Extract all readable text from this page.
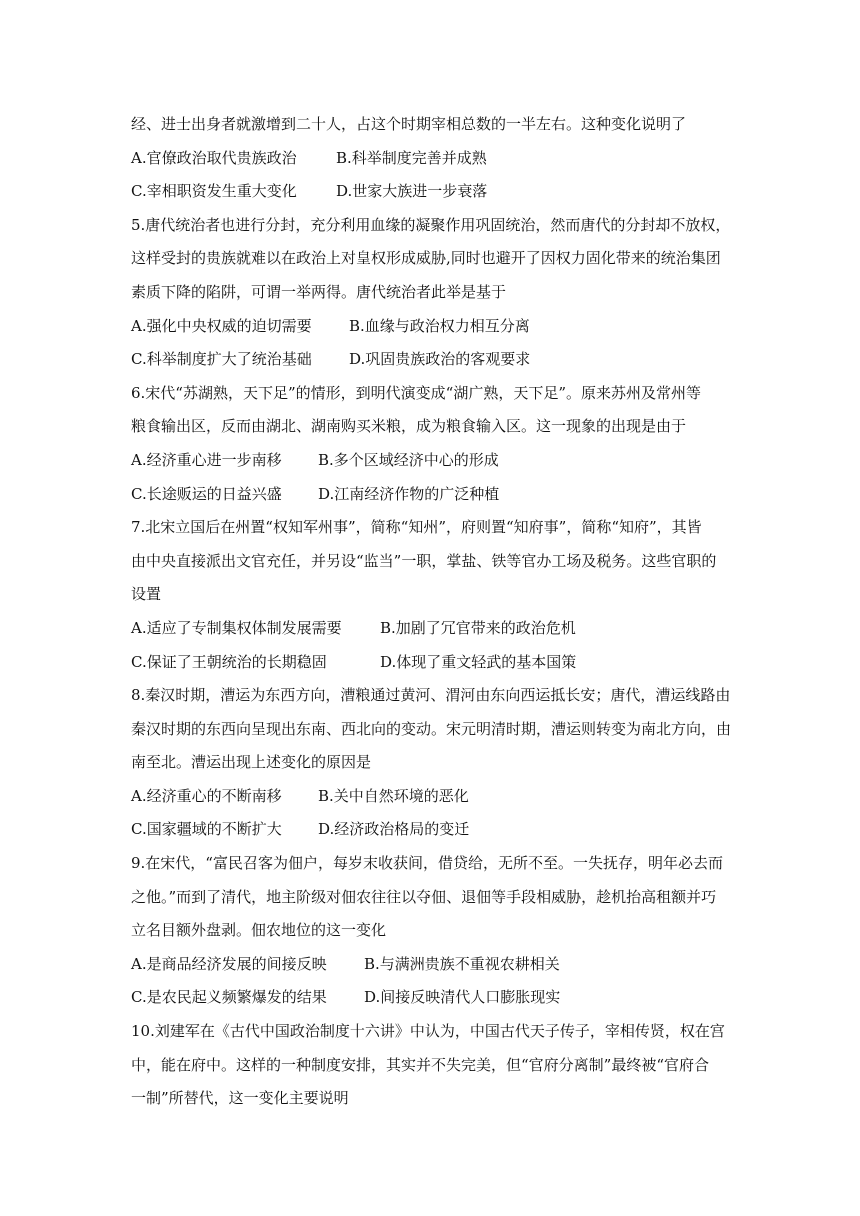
经、进士出身者就激增到二十人，占这个时期宰相总数的一半左右。这种变化说明了
A.官僚政治取代贵族政治	B.科举制度完善并成熟
C.宰相职资发生重大变化	D.世家大族进一步衰落
5.唐代统治者也进行分封，充分利用血缘的凝聚作用巩固统治，然而唐代的分封却不放权，
这样受封的贵族就难以在政治上对皇权形成威胁,同时也避开了因权力固化带来的统治集团
素质下降的陷阱，可谓一举两得。唐代统治者此举是基于
A.强化中央权威的迫切需要	B.血缘与政治权力相互分离
C.科举制度扩大了统治基础	D.巩固贵族政治的客观要求
6.宋代“苏湖熟，天下足”的情形，到明代演变成“湖广熟，天下足”。原来苏州及常州等
粮食输出区，反而由湖北、湖南购买米粮，成为粮食输入区。这一现象的出现是由于
A.经济重心进一步南移	B.多个区域经济中心的形成
C.长途贩运的日益兴盛	D.江南经济作物的广泛种植
7.北宋立国后在州置“权知军州事”，简称“知州”，府则置“知府事”，简称“知府”，其皆
由中央直接派出文官充任，并另设“监当”一职，掌盐、铁等官办工场及税务。这些官职的
设置
A.适应了专制集权体制发展需要	B.加剧了冗官带来的政治危机
C.保证了王朝统治的长期稳固	D.体现了重文轻武的基本国策
8.秦汉时期，漕运为东西方向，漕粮通过黄河、渭河由东向西运抵长安；唐代，漕运线路由
秦汉时期的东西向呈现出东南、西北向的变动。宋元明清时期，漕运则转变为南北方向，由
南至北。漕运出现上述变化的原因是
A.经济重心的不断南移	B.关中自然环境的恶化
C.国家疆域的不断扩大	D.经济政治格局的变迁
9.在宋代，“富民召客为佃户，每岁末收获间，借贷给，无所不至。一失抚存，明年必去而
之他。”而到了清代，地主阶级对佃农往往以夺佃、退佃等手段相威胁，趁机抬高租额并巧
立名目额外盘剥。佃农地位的这一变化
A.是商品经济发展的间接反映	B.与满洲贵族不重视农耕相关
C.是农民起义频繁爆发的结果	D.间接反映清代人口膨胀现实
10.刘建军在《古代中国政治制度十六讲》中认为，中国古代天子传子，宰相传贤，权在宫
中，能在府中。这样的一种制度安排，其实并不失完美，但“官府分离制”最终被“官府合
一制”所替代，这一变化主要说明
